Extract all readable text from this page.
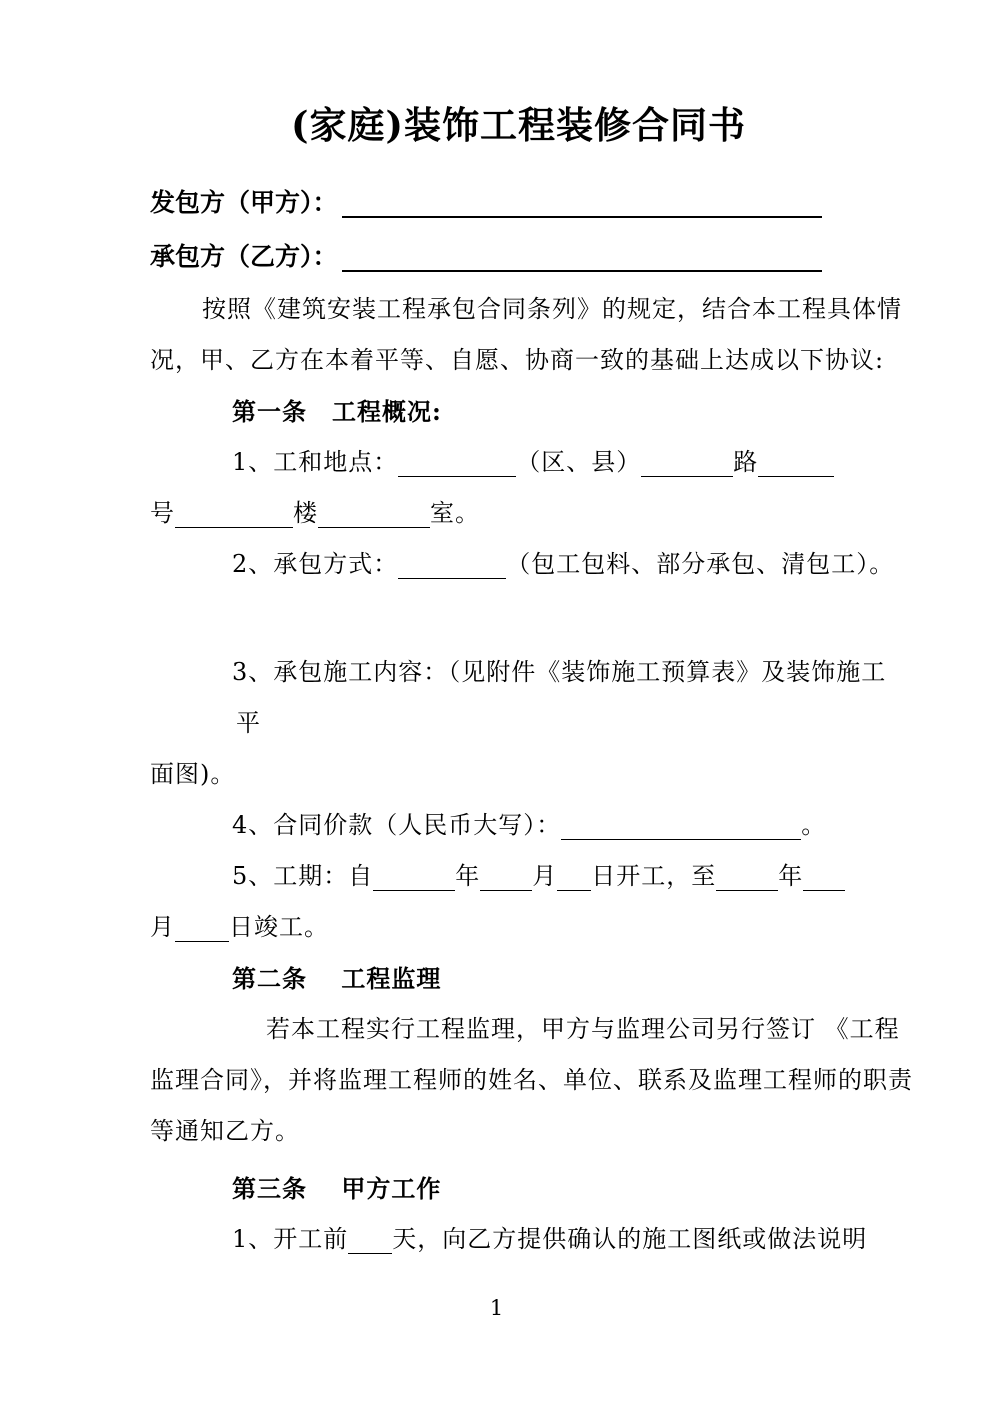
(家庭)装饰工程装修合同书
发包方（甲方）：
承包方（乙方）：
按照《建筑安装工程承包合同条列》的规定，结合本工程具体情
况，甲、乙方在本着平等、自愿、协商一致的基础上达成以下协议:
第一条　工程概况:
1、工和地点：	（区、县）	路
号	楼	室。
2、承包方式：	（包工包料、部分承包、清包工）。
3、承包施工内容：（见附件《装饰施工预算表》及装饰施工
平
面图)。
4、合同价款（人民币大写）：	。
5、工期：自	年 月 日开工，至	年
月 日竣工。
第二条　 工程监理
若本工程实行工程监理，甲方与监理公司另行签订 《工程
监理合同》，并将监理工程师的姓名、单位、联系及监理工程师的职责
等通知乙方。
第三条　 甲方工作
1、开工前 天，向乙方提供确认的施工图纸或做法说明
1
